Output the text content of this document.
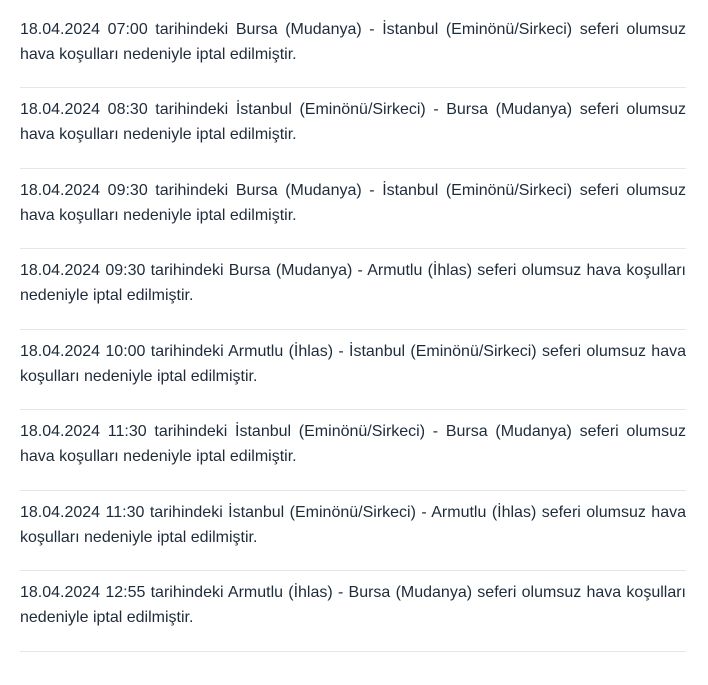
18.04.2024 07:00 tarihindeki Bursa (Mudanya) - İstanbul (Eminönü/Sirkeci) seferi olumsuz hava koşulları nedeniyle iptal edilmiştir.
18.04.2024 08:30 tarihindeki İstanbul (Eminönü/Sirkeci) - Bursa (Mudanya) seferi olumsuz hava koşulları nedeniyle iptal edilmiştir.
18.04.2024 09:30 tarihindeki Bursa (Mudanya) - İstanbul (Eminönü/Sirkeci) seferi olumsuz hava koşulları nedeniyle iptal edilmiştir.
18.04.2024 09:30 tarihindeki Bursa (Mudanya) - Armutlu (İhlas) seferi olumsuz hava koşulları nedeniyle iptal edilmiştir.
18.04.2024 10:00 tarihindeki Armutlu (İhlas) - İstanbul (Eminönü/Sirkeci) seferi olumsuz hava koşulları nedeniyle iptal edilmiştir.
18.04.2024 11:30 tarihindeki İstanbul (Eminönü/Sirkeci) - Bursa (Mudanya) seferi olumsuz hava koşulları nedeniyle iptal edilmiştir.
18.04.2024 11:30 tarihindeki İstanbul (Eminönü/Sirkeci) - Armutlu (İhlas) seferi olumsuz hava koşulları nedeniyle iptal edilmiştir.
18.04.2024 12:55 tarihindeki Armutlu (İhlas) - Bursa (Mudanya) seferi olumsuz hava koşulları nedeniyle iptal edilmiştir.
